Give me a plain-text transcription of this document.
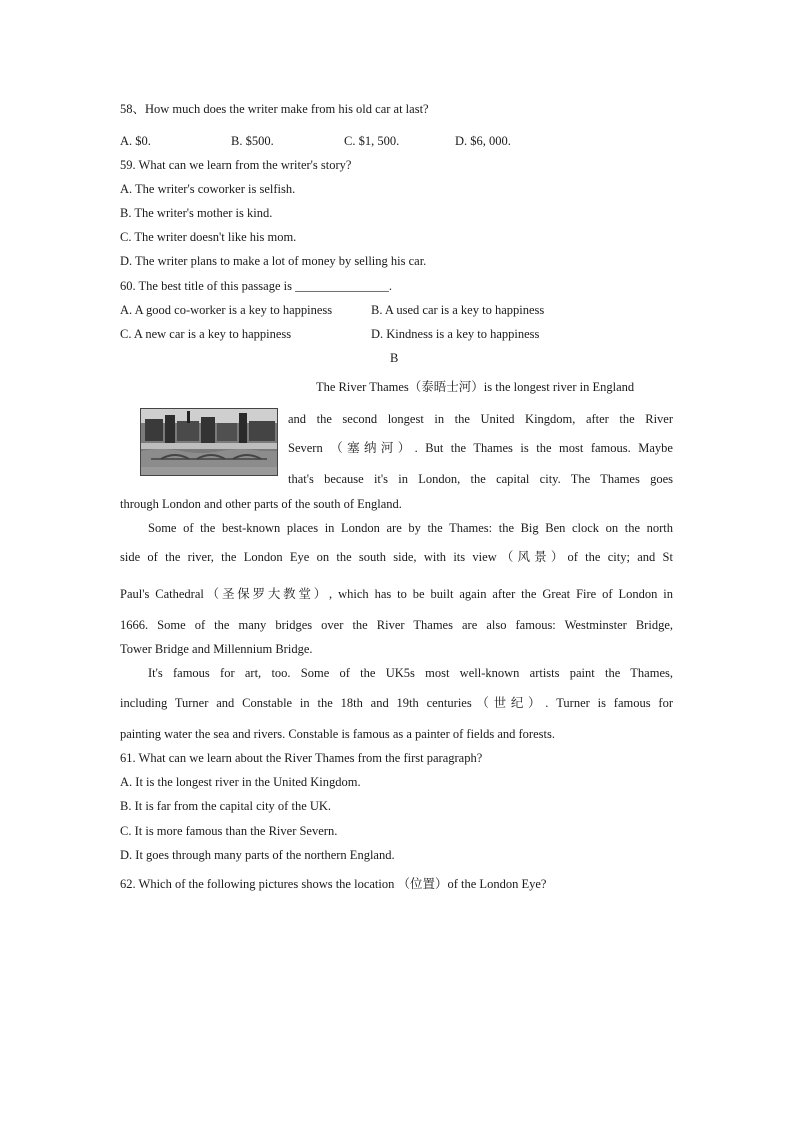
58、How much does the writer make from his old car at last?
A. $0.	B. $500.	C. $1, 500.	D. $6, 000.
59. What can we learn from the writer's story?
A. The writer's coworker is selfish.
B. The writer's mother is kind.
C. The writer doesn't like his mom.
D. The writer plans to make a lot of money by selling his car.
60. The best title of this passage is _______________.
A. A good co-worker is a key to happiness	B. A used car is a key to happiness
C. A new car is a key to happiness	D. Kindness is a key to happiness
B
The River Thames（泰晤士河）is the longest river in England
and the second longest in the United Kingdom, after the River
Severn （塞纳河）. But the Thames is the most famous. Maybe
that's because it's in London, the capital city. The Thames goes
through London and other parts of the south of England.
Some of the best-known places in London are by the Thames: the Big Ben clock on the north
side of the river, the London Eye on the south side, with its view（风景）of the city; and St
Paul's Cathedral（圣保罗大教堂）, which has to be built again after the Great Fire of London in
1666. Some of the many bridges over the River Thames are also famous: Westminster Bridge,
Tower Bridge and Millennium Bridge.
It's famous for art, too. Some of the UK5s most well-known artists paint the Thames,
including Turner and Constable in the 18th and 19th centuries（世纪）. Turner is famous for
painting water the sea and rivers. Constable is famous as a painter of fields and forests.
61. What can we learn about the River Thames from the first paragraph?
A. It is the longest river in the United Kingdom.
B. It is far from the capital city of the UK.
C. It is more famous than the River Severn.
D. It goes through many parts of the northern England.
62. Which of the following pictures shows the location （位置）of the London Eye?
